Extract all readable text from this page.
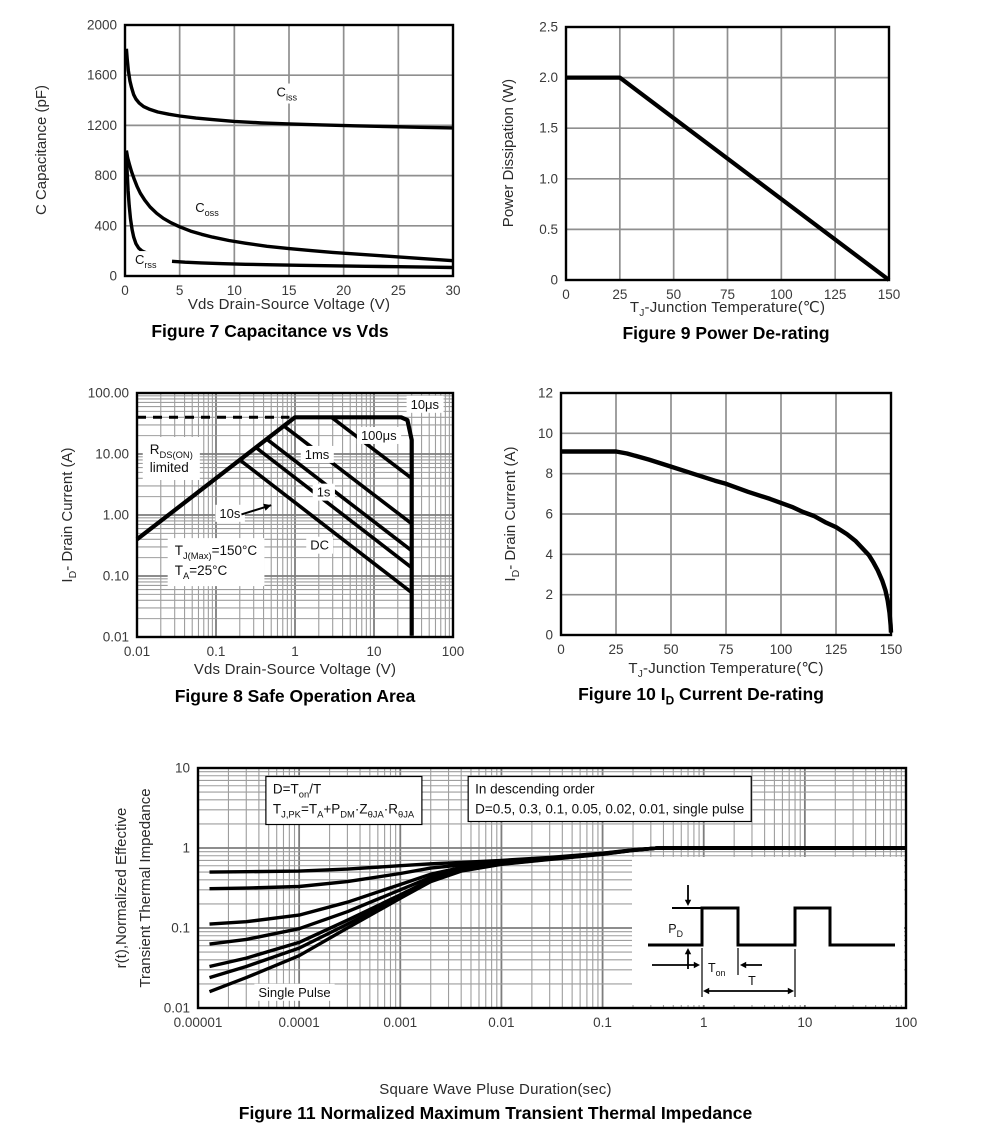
0	5	10	15	20	25	30
0
400
800
1200
1600
2000
C Capacitance (pF)	$C_{iss}$
$C_{oss}$
$C_{rss}$
Vds Drain-Source Voltage (V)
Figure 7 Capacitance vs Vds
0	25	50	75	100 125 150
0
0.5
1.0
1.5
2.0
2.5
Power Dissipation (W)
$T_J$-Junction Temperature(℃)
Figure 9 Power De-rating
0.01	0.1	1	10	100
0.01
0.10
1.00
10.00
100.00
$I_D-$ Drain Current (A)	$R_{DS(ON)}$
limited
$T_{J(Max)}=150^\circ C$
$T_A=25^\circ C$
10μs
100μs
1ms
1s
10s
DC
Vds Drain-Source Voltage (V)
Figure 8 Safe Operation Area
0	25	50	75	100 125 150
0
2
4
6
8
10
12
$I_D-$ Drain Current (A)
$T_J$-Junction Temperature(℃)
Figure 10 $I_D$ Current De-rating
$P_D$
$T_{on}$
T
0.00001	0.0001	0.001	0.01	0.1	1	10	100
0.01
0.1
1
10
r(t),Normalized Effective Transient Thermal Impedance	$D=T_{on}/T$
$T_{J,PK}=T_A+P_{DM}\cdot Z_{\theta JA}\cdot R_{\theta JA}$
In descending order
D=0.5, 0.3, 0.1, 0.05, 0.02, 0.01, single pulse
Single Pulse
Square Wave Pluse Duration(sec)
Figure 11 Normalized Maximum Transient Thermal Impedance
